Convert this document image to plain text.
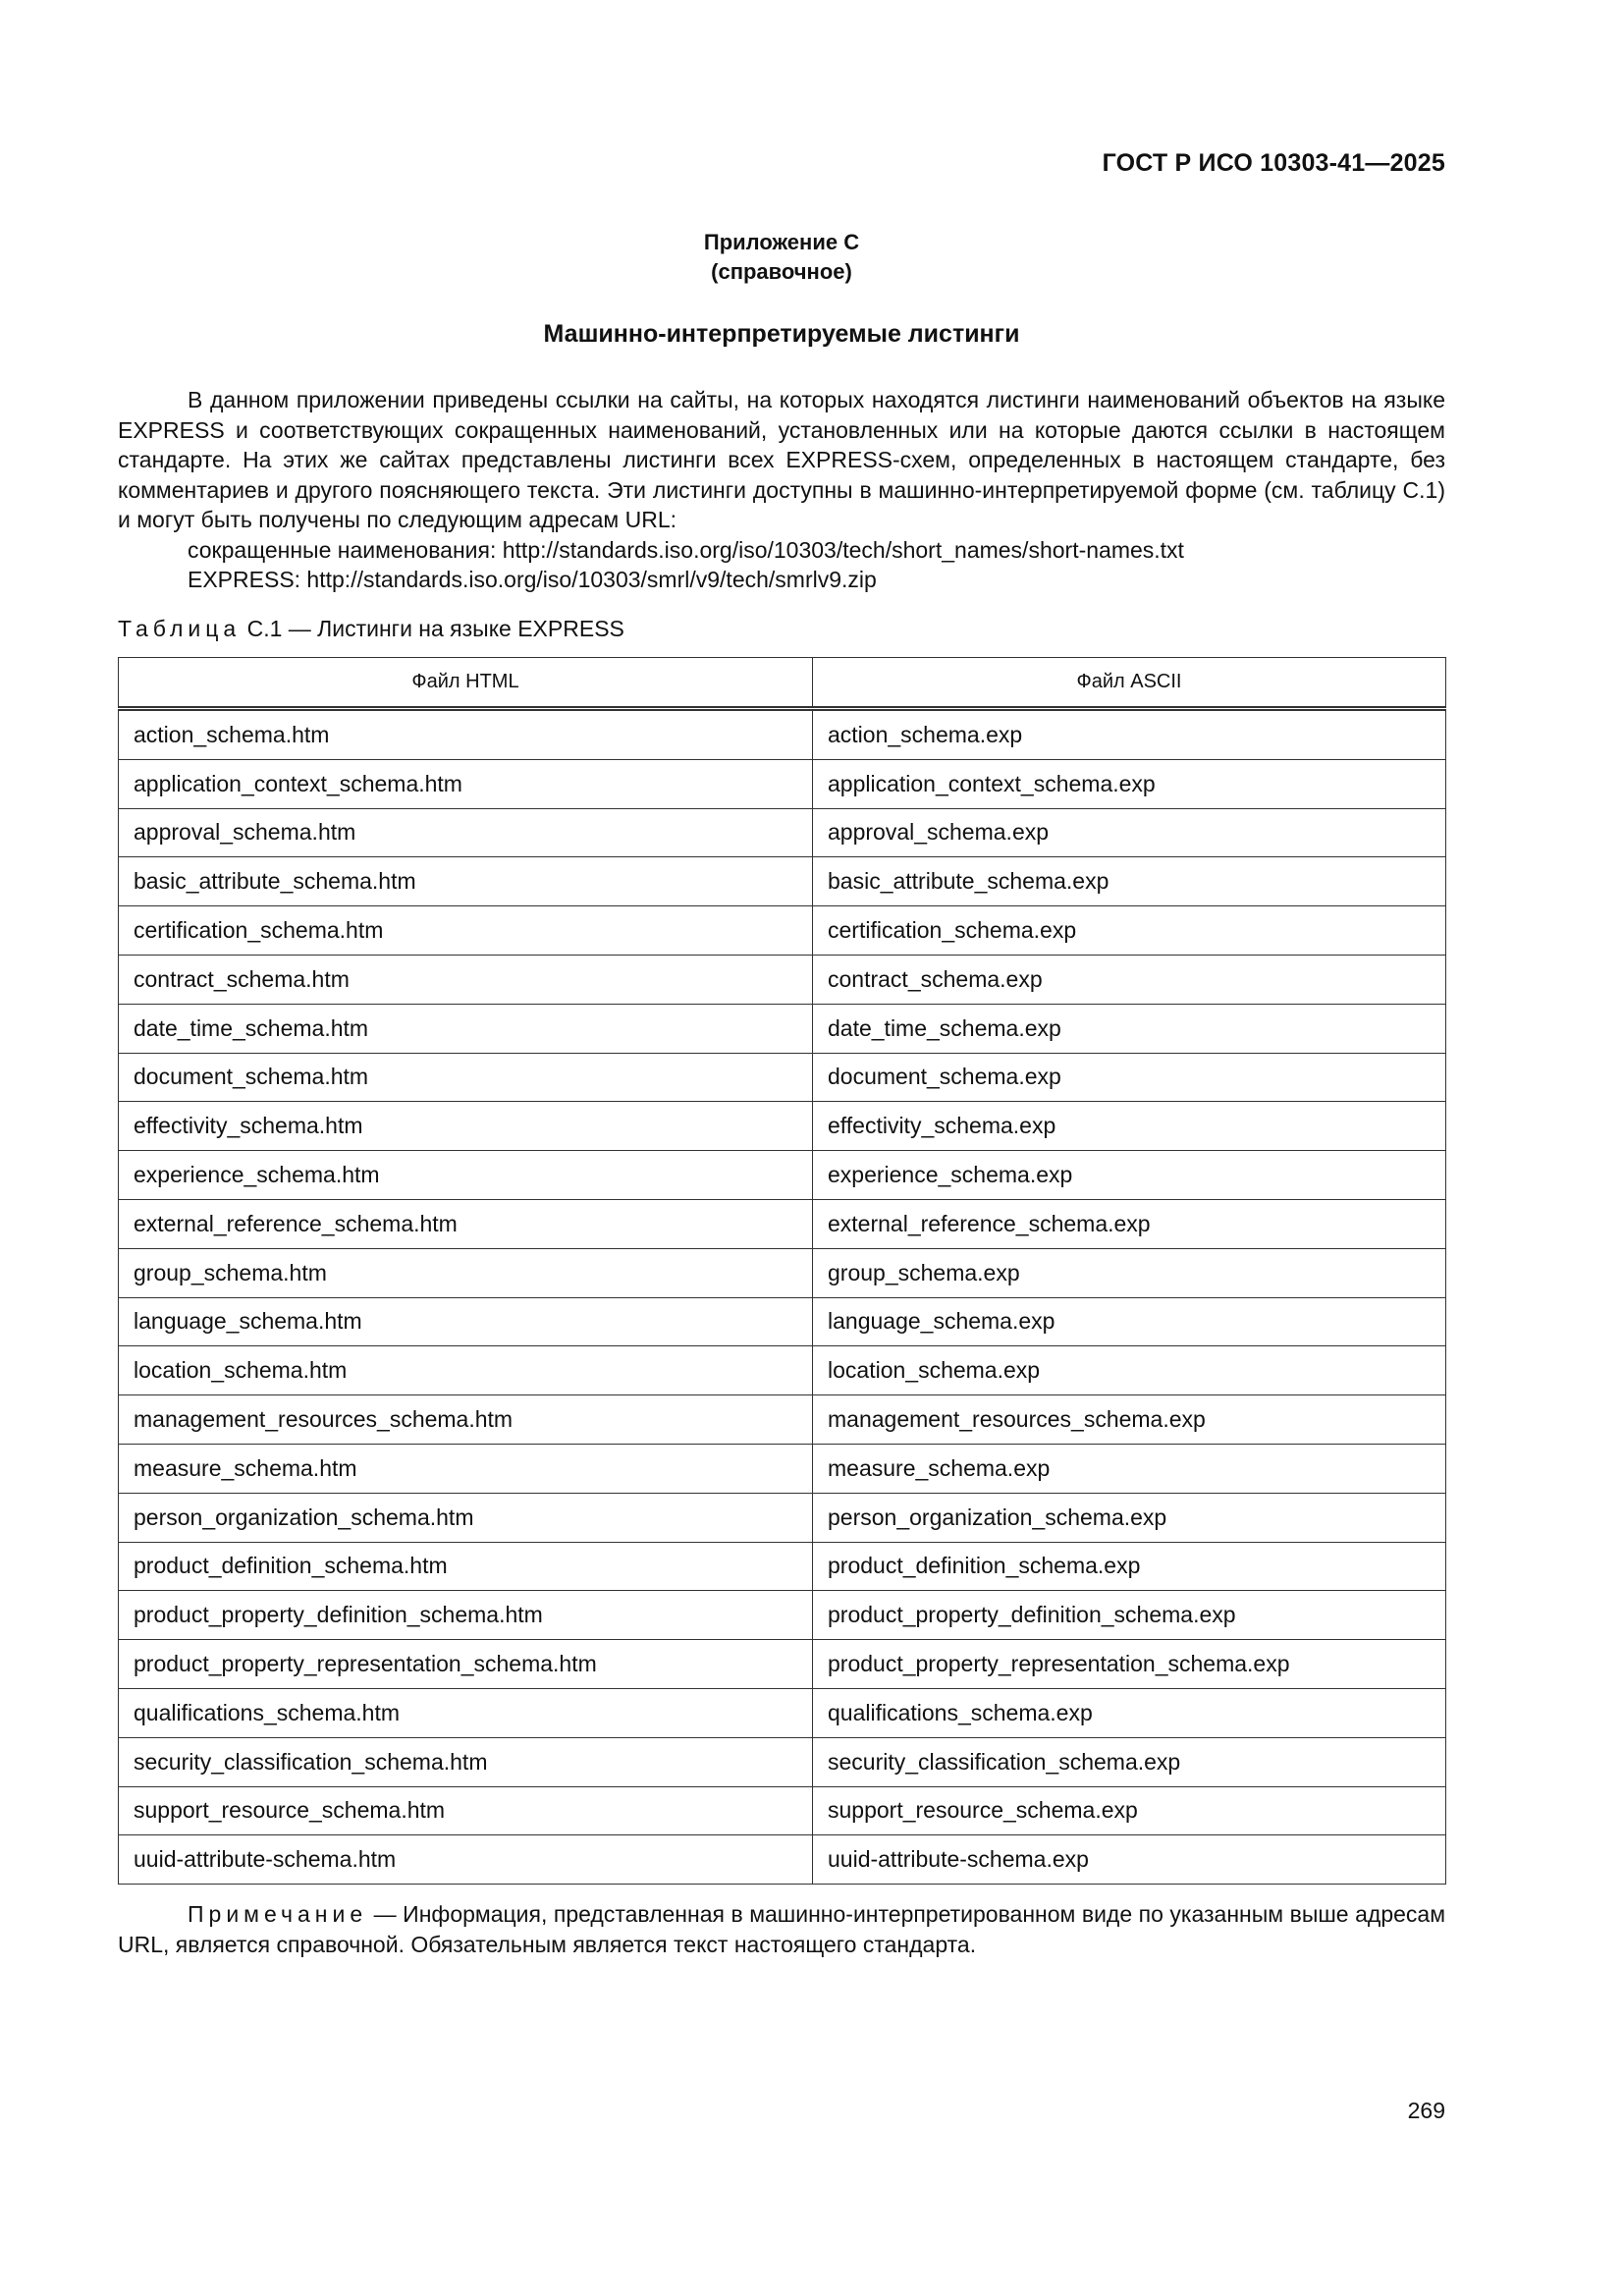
ГОСТ Р ИСО 10303-41—2025
Приложение С
(справочное)
Машинно-интерпретируемые листинги

В данном приложении приведены ссылки на сайты, на которых находятся листинги наименований объектов на языке EXPRESS и соответствующих сокращенных наименований, установленных или на которые даются ссылки в настоящем стандарте. На этих же сайтах представлены листинги всех EXPRESS-схем, определенных в настоящем стандарте, без комментариев и другого поясняющего текста. Эти листинги доступны в машинно-интерпретируемой форме (см. таблицу С.1) и могут быть получены по следующим адресам URL:

сокращенные наименования: http://standards.iso.org/iso/10303/tech/short_names/short-names.txt

EXPRESS: http://standards.iso.org/iso/10303/smrl/v9/tech/smrlv9.zip

Таблица С.1 — Листинги на языке EXPRESS
Файл HTML	Файл ASCII
action_schema.htm	action_schema.exp
application_context_schema.htm	application_context_schema.exp
approval_schema.htm	approval_schema.exp
basic_attribute_schema.htm	basic_attribute_schema.exp
certification_schema.htm	certification_schema.exp
contract_schema.htm	contract_schema.exp
date_time_schema.htm	date_time_schema.exp
document_schema.htm	document_schema.exp
effectivity_schema.htm	effectivity_schema.exp
experience_schema.htm	experience_schema.exp
external_reference_schema.htm	external_reference_schema.exp
group_schema.htm	group_schema.exp
language_schema.htm	language_schema.exp
location_schema.htm	location_schema.exp
management_resources_schema.htm	management_resources_schema.exp
measure_schema.htm	measure_schema.exp
person_organization_schema.htm	person_organization_schema.exp
product_definition_schema.htm	product_definition_schema.exp
product_property_definition_schema.htm	product_property_definition_schema.exp
product_property_representation_schema.htm	product_property_representation_schema.exp
qualifications_schema.htm	qualifications_schema.exp
security_classification_schema.htm	security_classification_schema.exp
support_resource_schema.htm	support_resource_schema.exp
uuid-attribute-schema.htm	uuid-attribute-schema.exp

Примечание — Информация, представленная в машинно-интерпретированном виде по указанным выше адресам URL, является справочной. Обязательным является текст настоящего стандарта.

269
